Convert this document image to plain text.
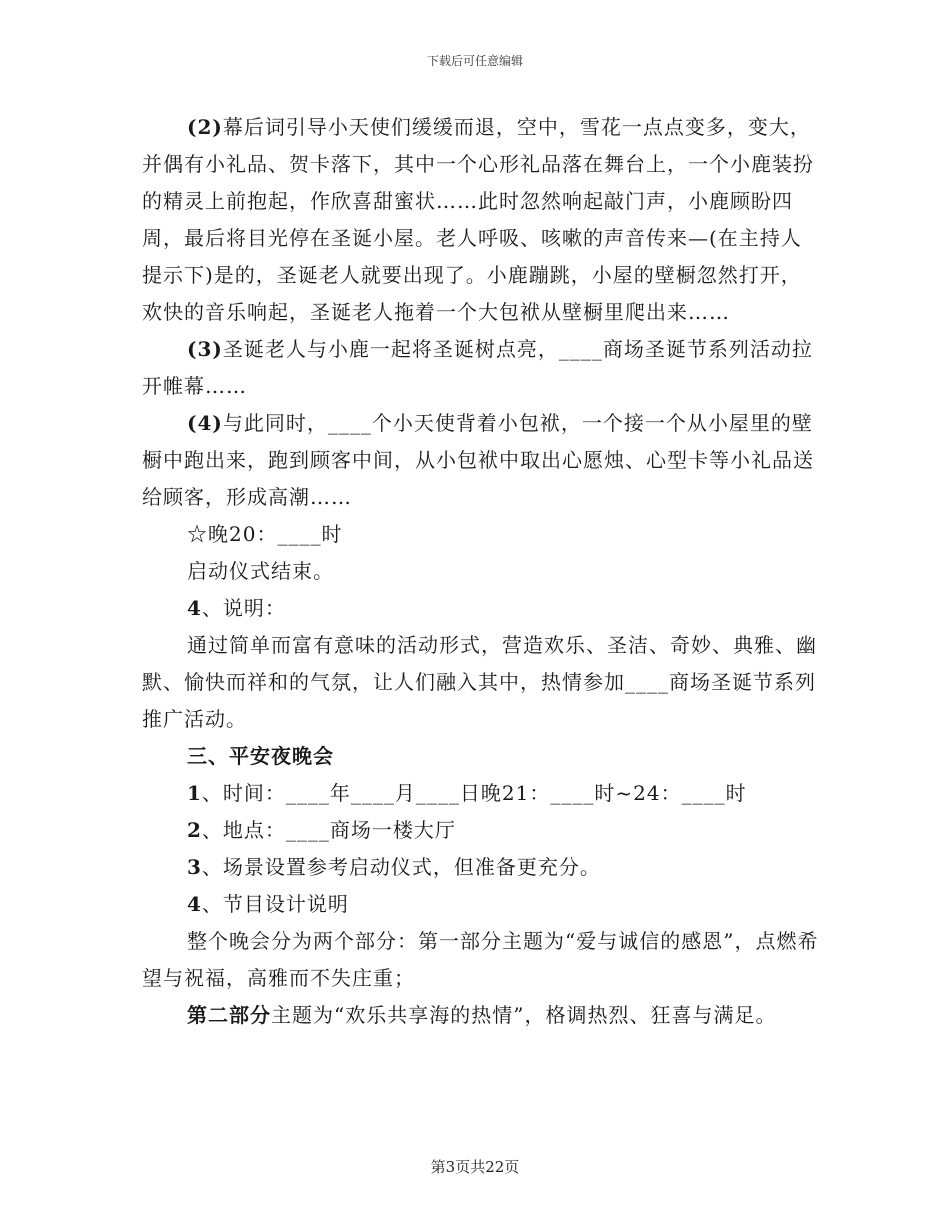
下载后可任意编辑

(2)幕后词引导小天使们缓缓而退，空中，雪花一点点变多，变大，并偶有小礼品、贺卡落下，其中一个心形礼品落在舞台上，一个小鹿装扮的精灵上前抱起，作欣喜甜蜜状……此时忽然响起敲门声，小鹿顾盼四周，最后将目光停在圣诞小屋。老人呼吸、咳嗽的声音传来—(在主持人提示下)是的，圣诞老人就要出现了。小鹿蹦跳，小屋的壁橱忽然打开，欢快的音乐响起，圣诞老人拖着一个大包袱从壁橱里爬出来……

(3)圣诞老人与小鹿一起将圣诞树点亮，____商场圣诞节系列活动拉开帷幕……

(4)与此同时，____个小天使背着小包袱，一个接一个从小屋里的壁橱中跑出来，跑到顾客中间，从小包袱中取出心愿烛、心型卡等小礼品送给顾客，形成高潮……

☆晚20：____时

启动仪式结束。

4、说明：

通过简单而富有意味的活动形式，营造欢乐、圣洁、奇妙、典雅、幽默、愉快而祥和的气氛，让人们融入其中，热情参加____商场圣诞节系列推广活动。

三、平安夜晚会

1、时间：____年____月____日晚21：____时~24：____时

2、地点：____商场一楼大厅

3、场景设置参考启动仪式，但准备更充分。

4、节目设计说明

整个晚会分为两个部分：第一部分主题为“爱与诚信的感恩”，点燃希望与祝福，高雅而不失庄重；

第二部分主题为“欢乐共享海的热情”，格调热烈、狂喜与满足。

第3页共22页
